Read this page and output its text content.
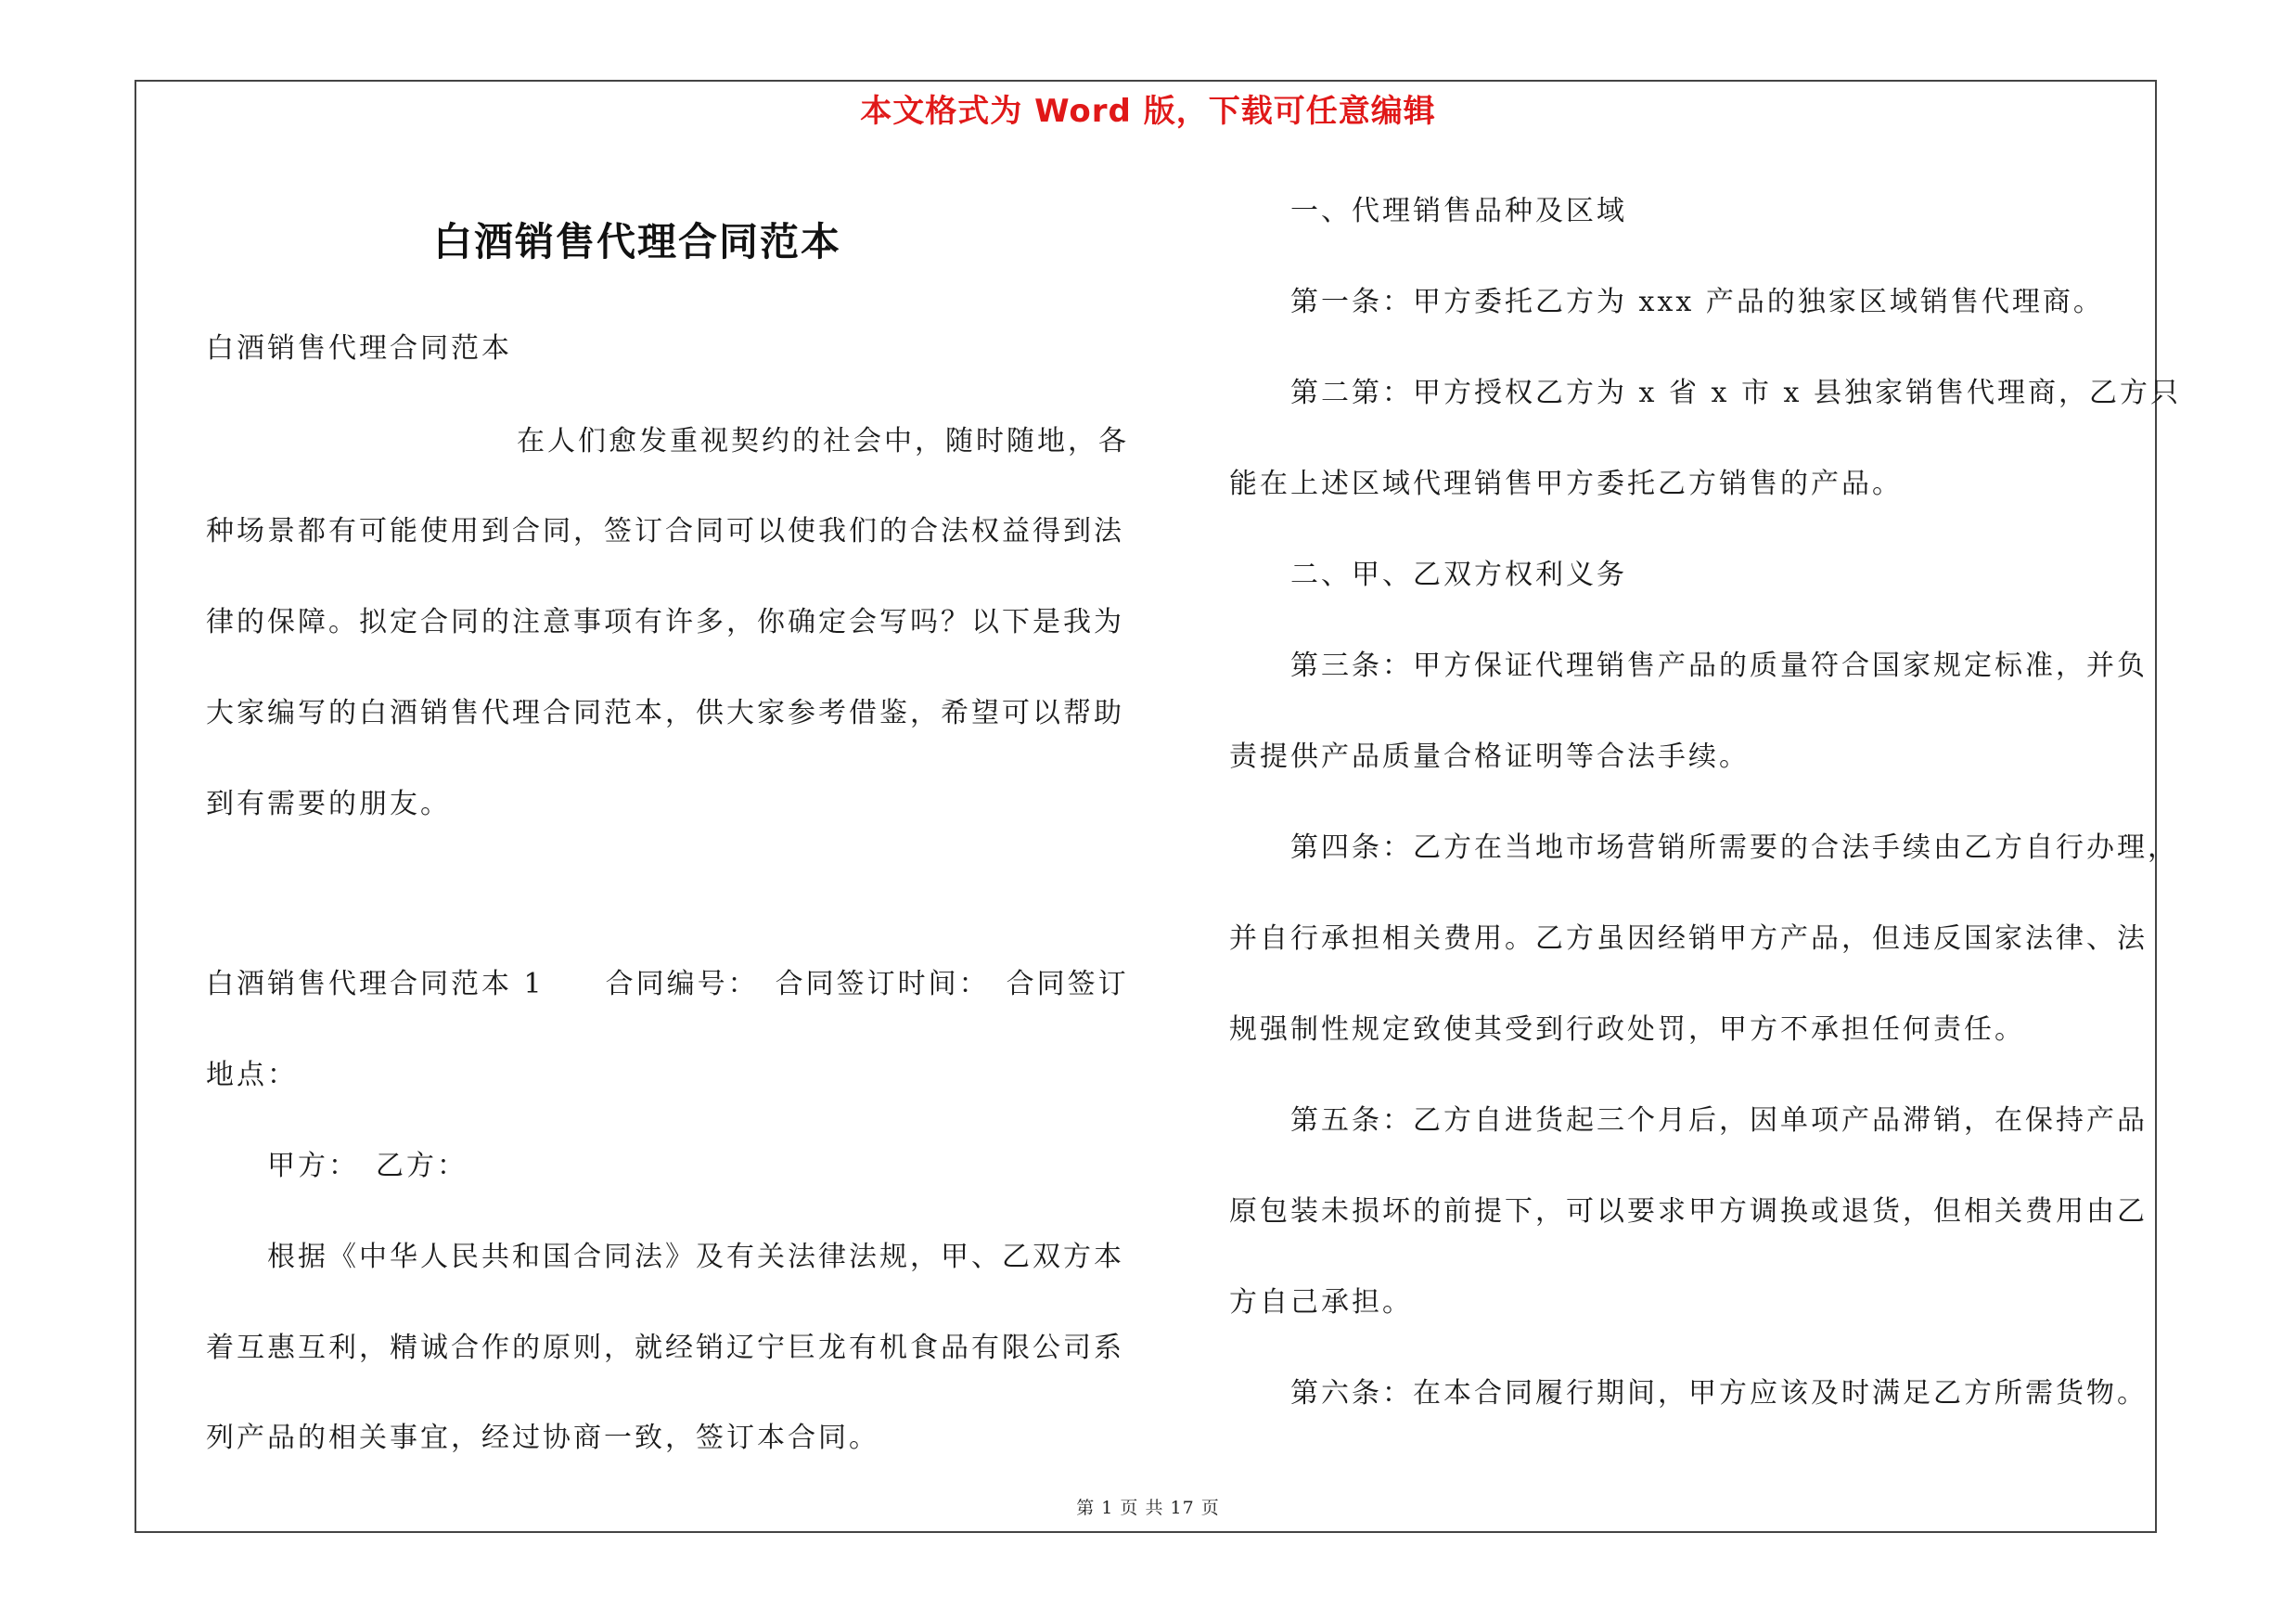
本文格式为 Word 版，下载可任意编辑
白酒销售代理合同范本
白酒销售代理合同范本
在人们愈发重视契约的社会中，随时随地，各
种场景都有可能使用到合同，签订合同可以使我们的合法权益得到法
律的保障。拟定合同的注意事项有许多，你确定会写吗？以下是我为
大家编写的白酒销售代理合同范本，供大家参考借鉴，希望可以帮助
到有需要的朋友。
白酒销售代理合同范本 1　　合同编号：　合同签订时间：　合同签订
地点：
甲方：　乙方：
根据《中华人民共和国合同法》及有关法律法规，甲、乙双方本
着互惠互利，精诚合作的原则，就经销辽宁巨龙有机食品有限公司系
列产品的相关事宜，经过协商一致，签订本合同。
一、代理销售品种及区域
第一条：甲方委托乙方为 xxx 产品的独家区域销售代理商。
第二第：甲方授权乙方为 x 省 x 市 x 县独家销售代理商，乙方只
能在上述区域代理销售甲方委托乙方销售的产品。
二、甲、乙双方权利义务
第三条：甲方保证代理销售产品的质量符合国家规定标准，并负
责提供产品质量合格证明等合法手续。
第四条：乙方在当地市场营销所需要的合法手续由乙方自行办理，
并自行承担相关费用。乙方虽因经销甲方产品，但违反国家法律、法
规强制性规定致使其受到行政处罚，甲方不承担任何责任。
第五条：乙方自进货起三个月后，因单项产品滞销，在保持产品
原包装未损坏的前提下，可以要求甲方调换或退货，但相关费用由乙
方自己承担。
第六条：在本合同履行期间，甲方应该及时满足乙方所需货物。
第 1 页 共 17 页
